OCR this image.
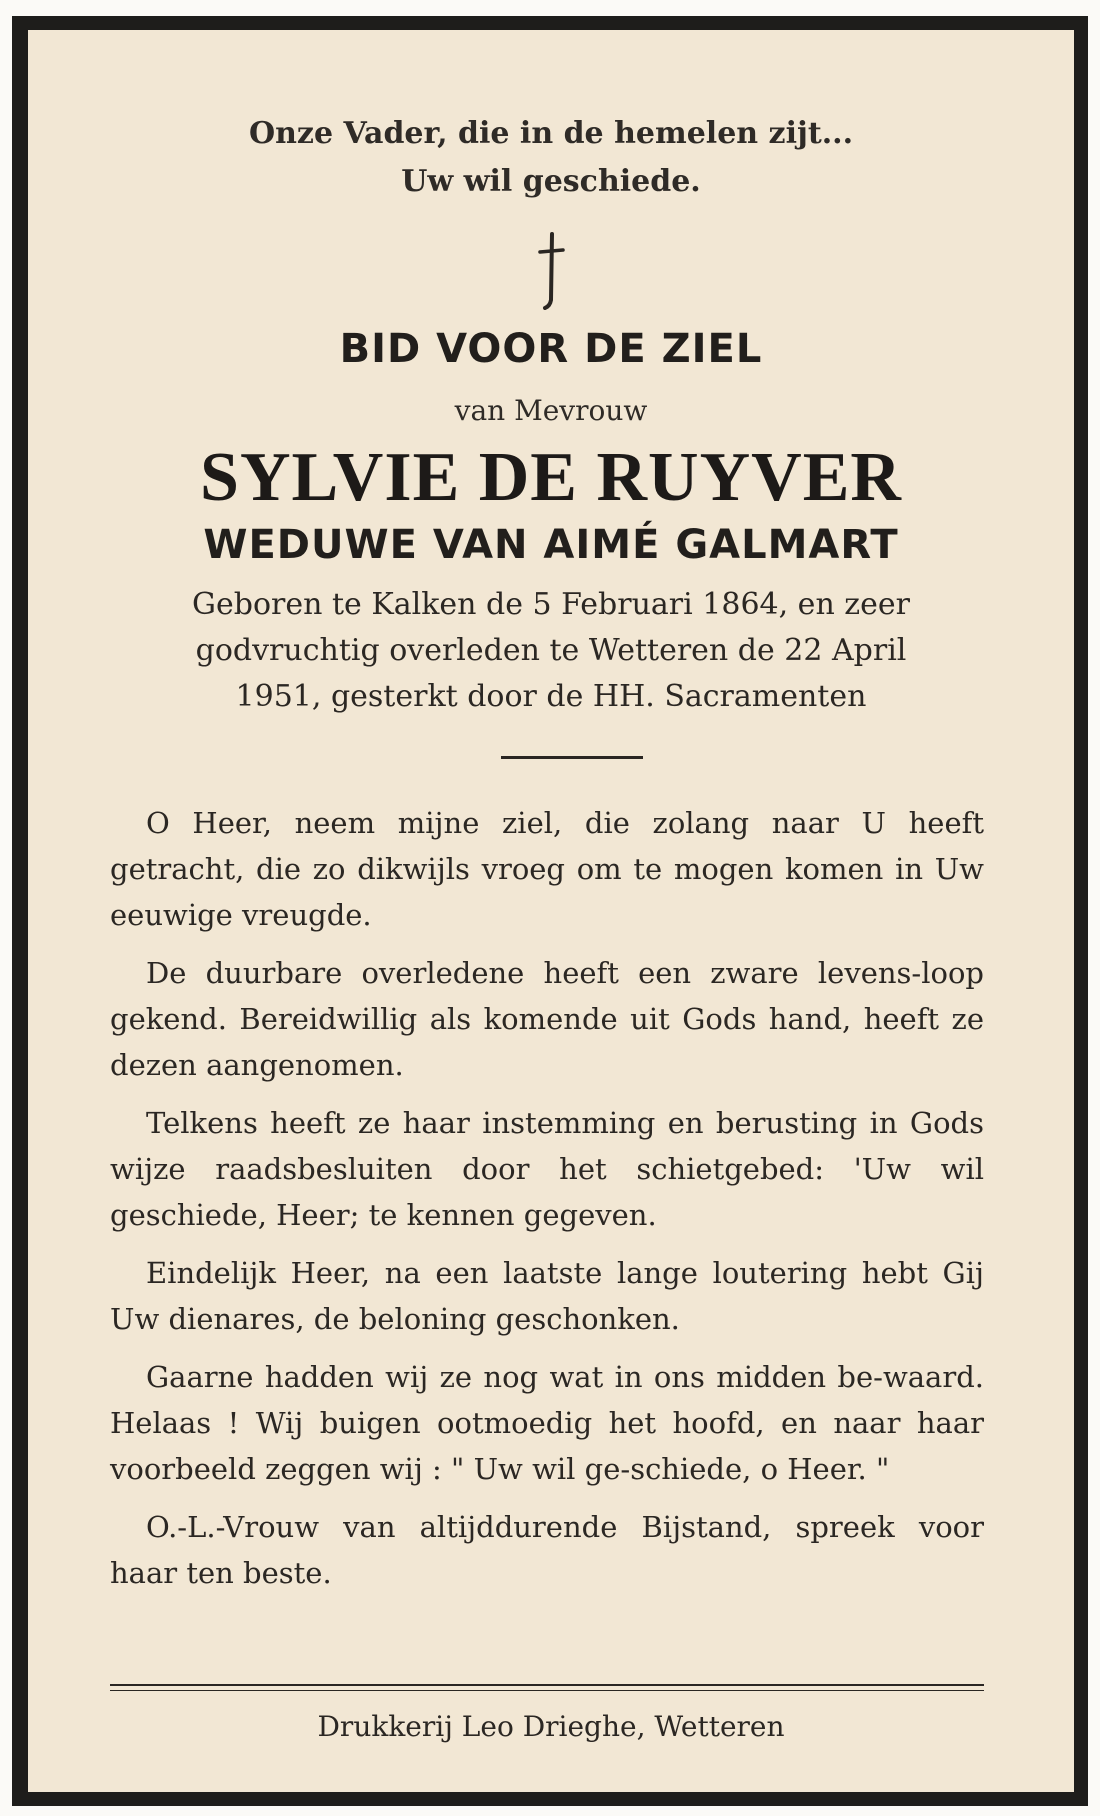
Onze Vader, die in de hemelen zijt...
Uw wil geschiede.
BID VOOR DE ZIEL
van Mevrouw
SYLVIE DE RUYVER
WEDUWE VAN AIMÉ GALMART
Geboren te Kalken de 5 Februari 1864, en zeer
godvruchtig overleden te Wetteren de 22 April
1951, gesterkt door de HH. Sacramenten

O Heer, neem mijne ziel, die zolang naar U heeft getracht, die zo dikwijls vroeg om te mogen komen in Uw eeuwige vreugde.

De duurbare overledene heeft een zware levens-loop gekend. Bereidwillig als komende uit Gods hand, heeft ze dezen aangenomen.

Telkens heeft ze haar instemming en berusting in Gods wijze raadsbesluiten door het schietgebed: 'Uw wil geschiede, Heer; te kennen gegeven.

Eindelijk Heer, na een laatste lange loutering hebt Gij Uw dienares, de beloning geschonken.

Gaarne hadden wij ze nog wat in ons midden be-waard. Helaas ! Wij buigen ootmoedig het hoofd, en naar haar voorbeeld zeggen wij : " Uw wil ge-schiede, o Heer. "

O.-L.-Vrouw van altijddurende Bijstand, spreek voor haar ten beste.

Drukkerij Leo Drieghe, Wetteren
